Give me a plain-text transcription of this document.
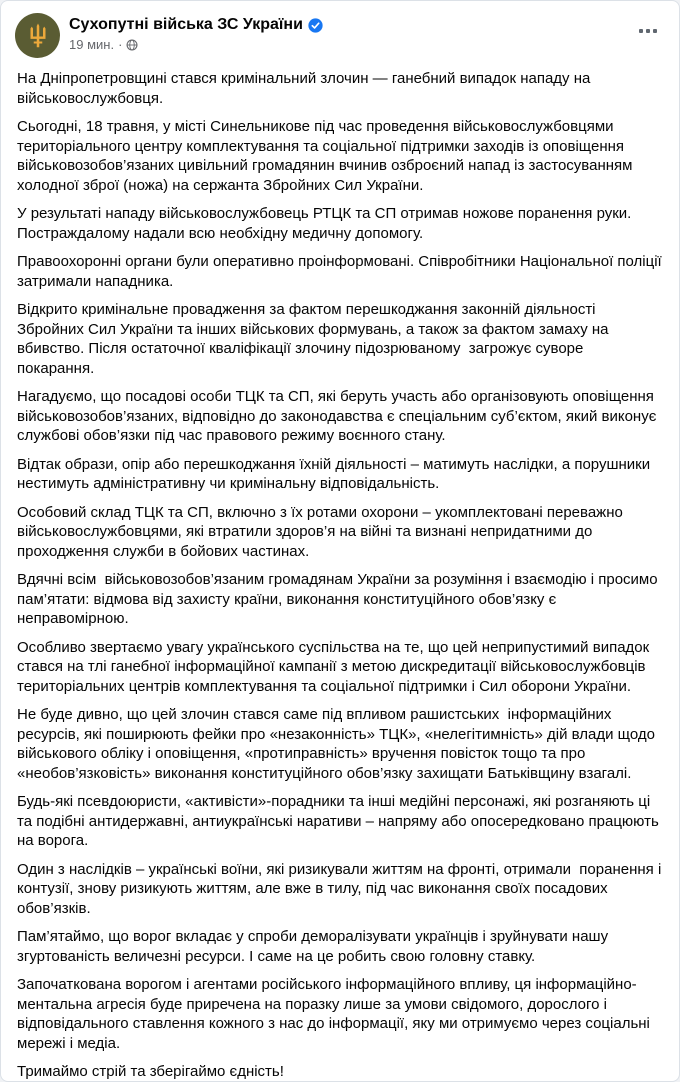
Сухопутні війська ЗС України
19 мин. ·

На Дніпропетровщині стався кримінальний злочин — ганебний випадок нападу на військовослужбовця.

Сьогодні, 18 травня, у місті Синельникове під час проведення військовослужбовцями територіального центру комплектування та соціальної підтримки заходів із оповіщення військовозобов’язаних цивільний громадянин вчинив озброєний напад із застосуванням холодної зброї (ножа) на сержанта Збройних Сил України.

У результаті нападу військовослужбовець РТЦК та СП отримав ножове поранення руки. Постраждалому надали всю необхідну медичну допомогу.

Правоохоронні органи були оперативно проінформовані. Співробітники Національної поліції затримали нападника.

Відкрито кримінальне провадження за фактом перешкоджання законній діяльності Збройних Сил України та інших військових формувань, а також за фактом замаху на вбивство. Після остаточної кваліфікації злочину підозрюваному  загрожує суворе покарання.

Нагадуємо, що посадові особи ТЦК та СП, які беруть участь або організовують оповіщення військовозобов’язаних, відповідно до законодавства є спеціальним суб’єктом, який виконує службові обов’язки під час правового режиму воєнного стану.

Відтак образи, опір або перешкоджання їхній діяльності – матимуть наслідки, а порушники нестимуть адміністративну чи кримінальну відповідальність.

Особовий склад ТЦК та СП, включно з їх ротами охорони – укомплектовані переважно військовослужбовцями, які втратили здоров’я на війні та визнані непридатними до проходження служби в бойових частинах.

Вдячні всім  військовозобов’язаним громадянам України за розуміння і взаємодію і просимо пам’ятати: відмова від захисту країни, виконання конституційного обов’язку є неправомірною.

Особливо звертаємо увагу українського суспільства на те, що цей неприпустимий випадок стався на тлі ганебної інформаційної кампанії з метою дискредитації військовослужбовців територіальних центрів комплектування та соціальної підтримки і Сил оборони України.

Не буде дивно, що цей злочин стався саме під впливом рашистських  інформаційних ресурсів, які поширюють фейки про «незаконність» ТЦК», «нелегітимність» дій влади щодо військового обліку і оповіщення, «протиправність» вручення повісток тощо та про «необов’язковість» виконання конституційного обов’язку захищати Батьківщину взагалі.

Будь-які псевдоюристи, «активісти»-порадники та інші медійні персонажі, які розганяють ці та подібні антидержавні, антиукраїнські наративи – напряму або опосередковано працюють на ворога.

Один з наслідків – українські воїни, які ризикували життям на фронті, отримали  поранення і контузії, знову ризикують життям, але вже в тилу, під час виконання своїх посадових обов’язків.

Пам’ятаймо, що ворог вкладає у спроби деморалізувати українців і зруйнувати нашу згуртованість величезні ресурси. І саме на це робить свою головну ставку.

Започаткована ворогом і агентами російського інформаційного впливу, ця інформаційно-ментальна агресія буде приречена на поразку лише за умови свідомого, дорослого і відповідального ставлення кожного з нас до інформації, яку ми отримуємо через соціальні мережі і медіа.

Тримаймо стрій та зберігаймо єдність!
